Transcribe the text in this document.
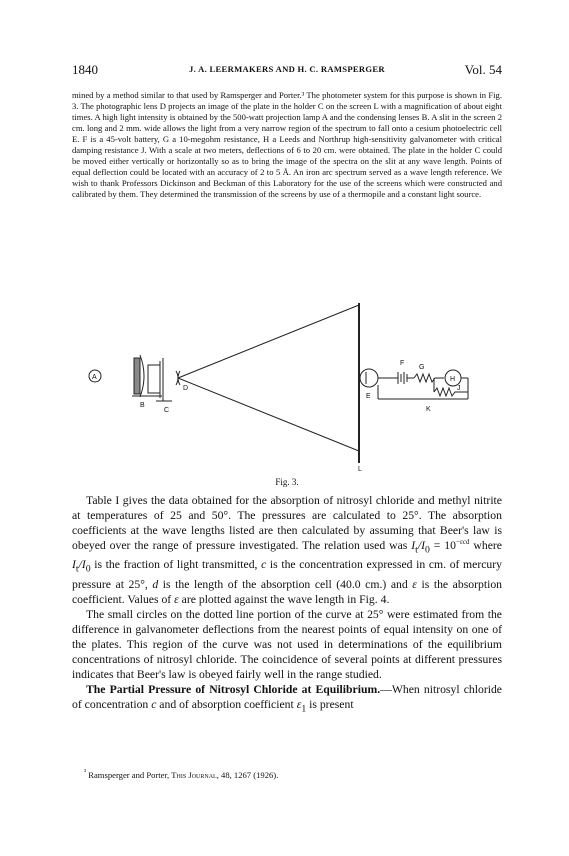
1840	J. A. LEERMAKERS AND H. C. RAMSPERGER	Vol. 54

mined by a method similar to that used by Ramsperger and Porter.³ The photometer system for this purpose is shown in Fig. 3. The photographic lens D projects an image of the plate in the holder C on the screen L with a magnification of about eight times. A high light intensity is obtained by the 500-watt projection lamp A and the condensing lenses B. A slit in the screen 2 cm. long and 2 mm. wide allows the light from a very narrow region of the spectrum to fall onto a cesium photoelectric cell E. F is a 45-volt battery, G a 10-megohm resistance, H a Leeds and Northrup high-sensitivity galvanometer with critical damping resistance J. With a scale at two meters, deflections of 6 to 20 cm. were obtained. The plate in the holder C could be moved either vertically or horizontally so as to bring the image of the spectra on the slit at any wave length. Points of equal deflection could be located with an accuracy of 2 to 5 Å. An iron arc spectrum served as a wave length reference. We wish to thank Professors Dickinson and Beckman of this Laboratory for the use of the screens which were constructed and calibrated by them. They determined the transmission of the screens by use of a thermopile and a constant light source.

A
B
C
D
E
F
G
H
J
K
L
Fig. 3.

Table I gives the data obtained for the absorption of nitrosyl chloride and methyl nitrite at temperatures of 25 and 50°. The pressures are calculated to 25°. The absorption coefficients at the wave lengths listed are then calculated by assuming that Beer's law is obeyed over the range of pressure investigated. The relation used was $I_t/I_0 = 10^{-\varepsilon cd}$ where $I_t/I_0$ is the fraction of light transmitted, c is the concentration expressed in cm. of mercury pressure at 25°, d is the length of the absorption cell (40.0 cm.) and ε is the absorption coefficient. Values of ε are plotted against the wave length in Fig. 4.

The small circles on the dotted line portion of the curve at 25° were estimated from the difference in galvanometer deflections from the nearest points of equal intensity on one of the plates. This region of the curve was not used in determinations of the equilibrium concentrations of nitrosyl chloride. The coincidence of several points at different pressures indicates that Beer's law is obeyed fairly well in the range studied.

The Partial Pressure of Nitrosyl Chloride at Equilibrium.—When nitrosyl chloride of concentration c and of absorption coefficient $\varepsilon_1$ is present

$^{^3}$ Ramsperger and Porter, This Journal, 48, 1267 (1926).
